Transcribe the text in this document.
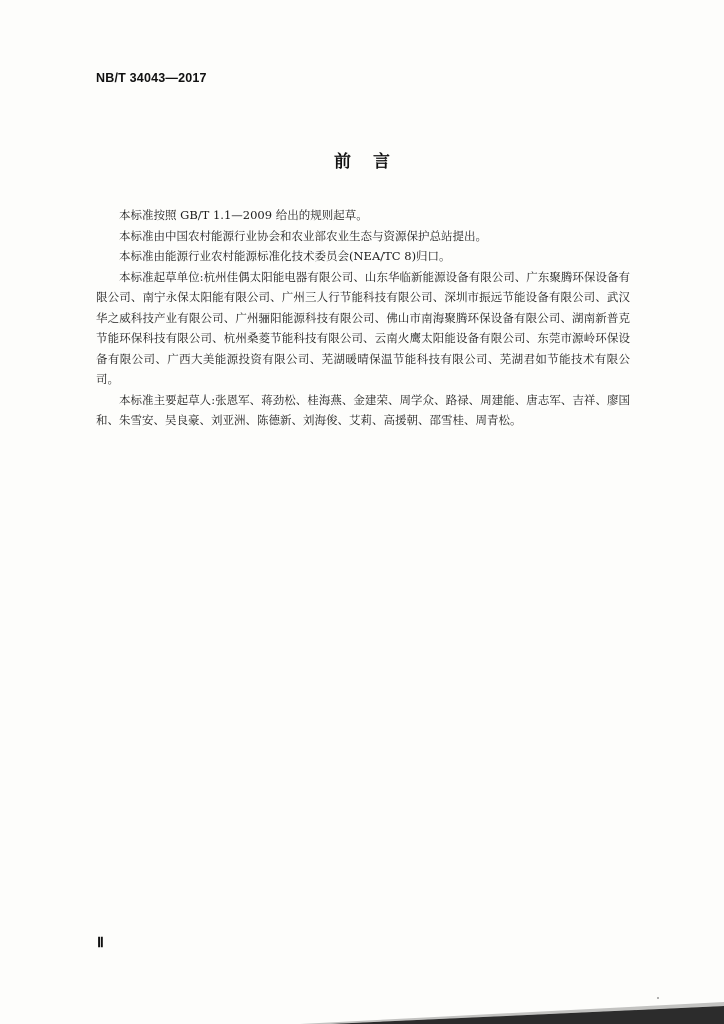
NB/T 34043—2017
前言

本标准按照 GB/T 1.1—2009 给出的规则起草。

本标准由中国农村能源行业协会和农业部农业生态与资源保护总站提出。

本标准由能源行业农村能源标准化技术委员会(NEA/TC 8)归口。

本标准起草单位:杭州佳偶太阳能电器有限公司、山东华临新能源设备有限公司、广东聚腾环保设备有限公司、南宁永保太阳能有限公司、广州三人行节能科技有限公司、深圳市振远节能设备有限公司、武汉华之威科技产业有限公司、广州骊阳能源科技有限公司、佛山市南海聚腾环保设备有限公司、湖南新普克节能环保科技有限公司、杭州桑菱节能科技有限公司、云南火鹰太阳能设备有限公司、东莞市源岭环保设备有限公司、广西大美能源投资有限公司、芜湖暖晴保温节能科技有限公司、芜湖君如节能技术有限公司。

本标准主要起草人:张恩军、蒋劲松、桂海燕、金建荣、周学众、路禄、周建能、唐志军、吉祥、廖国和、朱雪安、吴良豪、刘亚洲、陈德新、刘海俊、艾莉、高援朝、邵雪桂、周青松。

Ⅱ
